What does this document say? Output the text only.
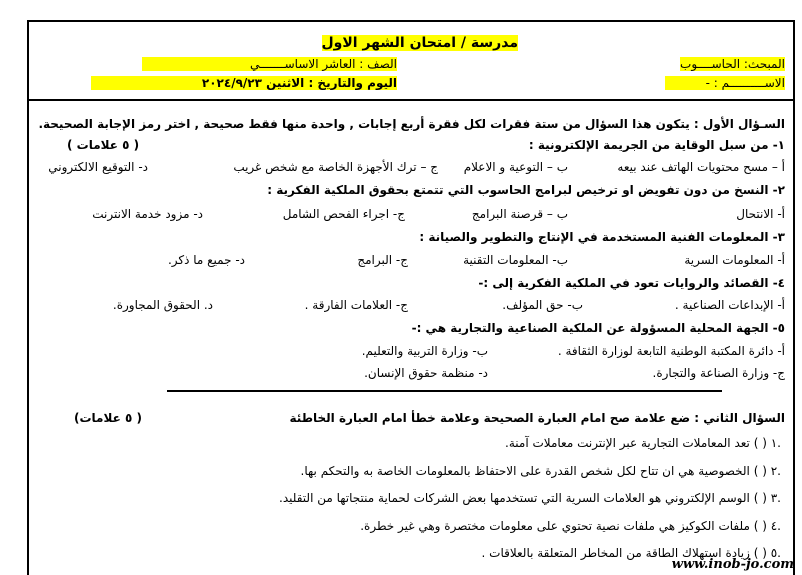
مدرسة / امتحان الشهر الاول
المبحث: الحاســــوب
الصف : العاشر الاساســـــــي
الاســــــــــم : -
اليوم والتاريخ : الاثنين ٢٠٢٤/٩/٢٣
السـؤال الأول : يتكون هذا السؤال من ستة فقرات لكل فقرة أربع إجابات , واحدة منها فقط صحيحة , اختر رمز الإجابة الصحيحة.
( ٥ علامات )	١- من سبل الوقاية من الجريمة الإلكترونية :
أ – مسح محتويات الهاتف عند بيعه
ب – التوعية و الاعلام
ج – ترك الأجهزة الخاصة مع شخص غريب
د- التوقيع الالكتروني
٢- النسخ من دون تفويض او ترخيص لبرامج الحاسوب التي تتمتع بحقوق الملكية الفكرية :
أ- الانتحال
ب – قرصنة البرامج
ج- اجراء الفحص الشامل
د- مزود خدمة الانترنت
٣- المعلومات الفنية المستخدمة في الإنتاج والتطوير والصيانة :
أ- المعلومات السرية
ب- المعلومات التقنية
ج- البرامج
د- جميع ما ذكر.
٤- القصائد والروايات تعود في الملكية الفكرية إلى :-
أ- الإبداعات الصناعية .
ب- حق المؤلف.
ج- العلامات الفارقة .
د. الحقوق المجاورة.
٥- الجهة المحلية المسؤولة عن الملكية الصناعية والتجارية هي :-
أ- دائرة المكتبة الوطنية التابعة لوزارة الثقافة .
ب- وزارة التربية والتعليم.
ج- وزارة الصناعة والتجارة.
د- منظمة حقوق الإنسان.
السؤال الثاني : ضع علامة صح امام العبارة الصحيحة وعلامة خطأ امام العبارة الخاطئة
(٥ علامات )
.١ ( ) تعد المعاملات التجارية عبر الإنترنت معاملات آمنة.
.٢ ( ) الخصوصية هي ان تتاح لكل شخص القدرة على الاحتفاظ بالمعلومات الخاصة به والتحكم بها.
.٣ ( ) الوسم الإلكتروني هو العلامات السرية التي تستخدمها بعض الشركات لحماية منتجاتها من التقليد.
.٤ ( ) ملفات الكوكيز هي ملفات نصية تحتوي على معلومات مختصرة وهي غير خطرة.
.٥ ( ) زيادة استهلاك الطاقة من المخاطر المتعلقة بالعلاقات .
www.inob-jo.com
